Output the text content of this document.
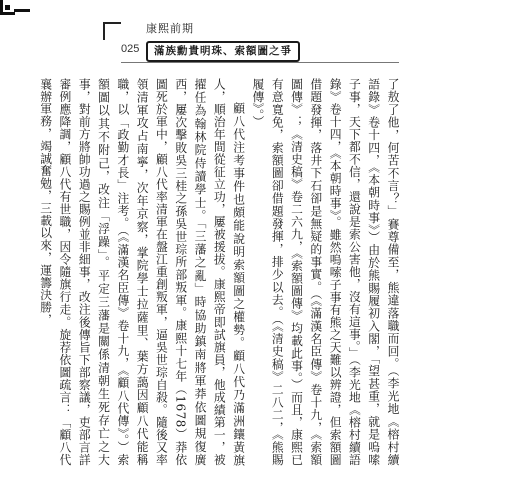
康熙前期
025	滿族勳貴明珠、索額圖之爭

了敖了他，何苦不言？」賽尊備至，熊違落職而回。（李光地《榕村續語錄》卷十四，《本朝時事》）由於熊賜履初入閣，「望甚重，就是嗚嗦子事，天下都不信，還說是索公害他，沒有這事。」（李光地《榕村續語錄》卷十四，《本朝時事》。雖然嗚嗦子事有熊之天難以辨證，但索額圖借題發揮，落井下石卻是無疑的事實。（《滿漢名臣傳》卷十九，《索額圖傳》；《清史稿》卷二六九，《索額圖傳》均載此事。）而且，康熙已有意寬免，索額圖卻借題發揮，排少以去。（《清史稿》二八二，《熊賜履傳》。）

顧八代注考事件也頗能說明索額圖之權勢。顧八代乃滿洲鑲黃旗人，順治年間從征立功，屢被援拔。康熙帝即試旗員，他成績第一，被擢任為翰林院侍讀學士。「三藩之亂」時協助鎮南將軍莽依圖規復廣西，屢次擊敗吳三桂之孫吳世琮所部叛軍。康熙十七年（1678）莽依圖死於軍中，顧八代率清軍在盤江重創叛軍，逼吳世琮自殺。隨後又率領清軍攻占南寧，次年京察，掌院學士拉薩里、葉方藹因顧八代能稱職，以「政勤才長」注考。（《滿漢名臣傳》卷十九，《顧八代傳》。）索額圖以其不附己，改注「浮躁」。平定三藩是關係清朝生死存亡之大事，對前方將帥功過之賜例並非細事，改注後傳旨下部察議，吏部言詳審例應降調，顧八代有世職，因令隨旗行走。旋荐依圖疏言：「顧八代襄辦軍務，竭誠奮勉，三載以來，運籌決勝，
